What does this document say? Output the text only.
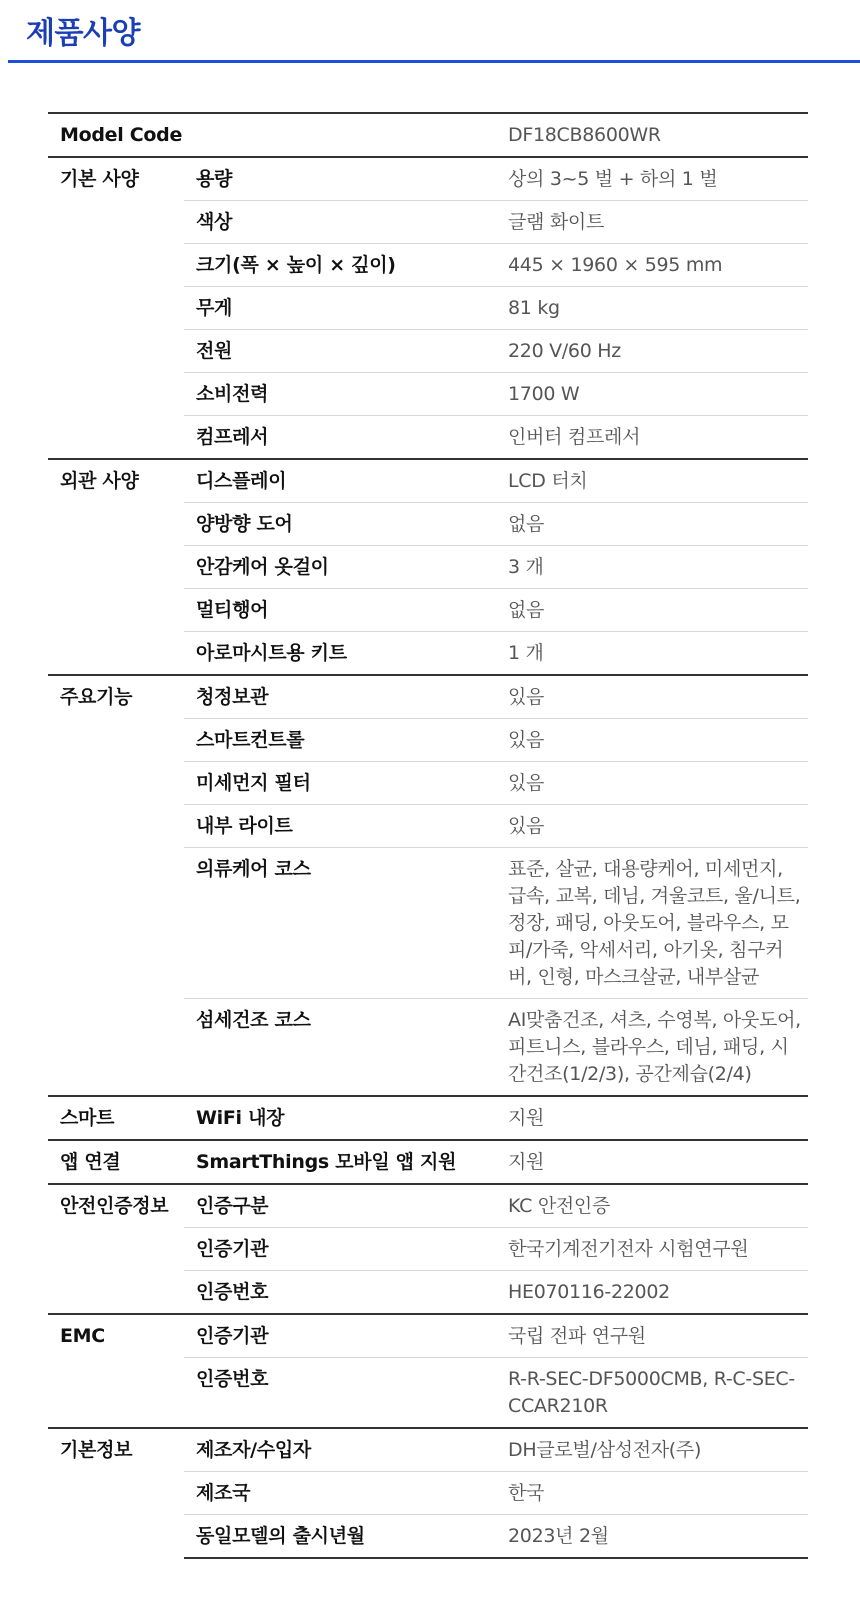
제품사양
Model Code		DF18CB8600WR
기본 사양	용량	상의 3~5 벌 + 하의 1 벌
	색상	글램 화이트
	크기(폭 × 높이 × 깊이)	445 × 1960 × 595 mm
	무게	81 kg
	전원	220 V/60 Hz
	소비전력	1700 W
	컴프레서	인버터 컴프레서
외관 사양	디스플레이	LCD 터치
	양방향 도어	없음
	안감케어 옷걸이	3 개
	멀티행어	없음
	아로마시트용 키트	1 개
주요기능	청정보관	있음
	스마트컨트롤	있음
	미세먼지 필터	있음
	내부 라이트	있음
	의류케어 코스	표준, 살균, 대용량케어, 미세먼지, 급속, 교복, 데님, 겨울코트, 울/니트, 정장, 패딩, 아웃도어, 블라우스, 모피/가죽, 악세서리, 아기옷, 침구커버, 인형, 마스크살균, 내부살균
	섬세건조 코스	AI맞춤건조, 셔츠, 수영복, 아웃도어, 피트니스, 블라우스, 데님, 패딩, 시간건조(1/2/3), 공간제습(2/4)
스마트	WiFi 내장	지원
앱 연결	SmartThings 모바일 앱 지원	지원
안전인증정보	인증구분	KC 안전인증
	인증기관	한국기계전기전자 시험연구원
	인증번호	HE070116-22002
EMC	인증기관	국립 전파 연구원
	인증번호	R-R-SEC-DF5000CMB, R-C-SEC-CCAR210R
기본정보	제조자/수입자	DH글로벌/삼성전자(주)
	제조국	한국
	동일모델의 출시년월	2023년 2월
